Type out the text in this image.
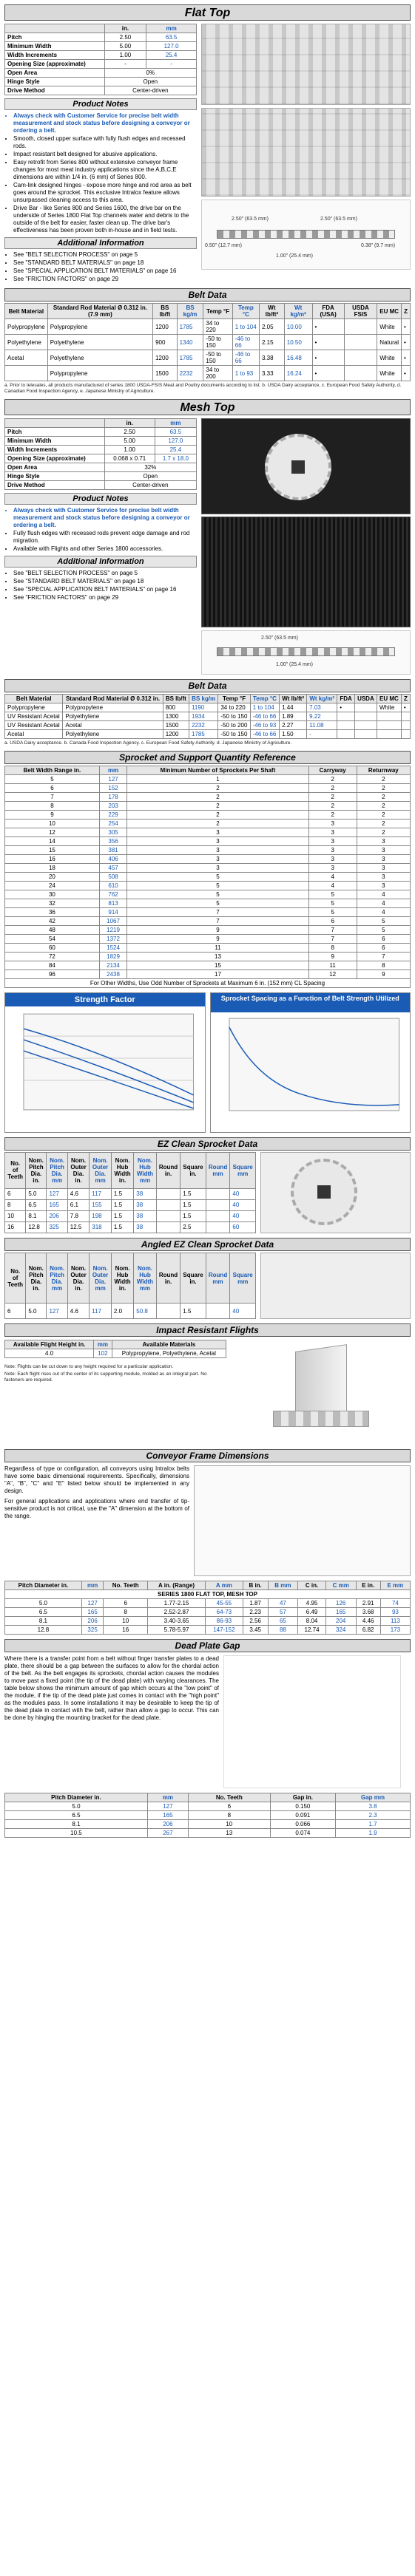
Flat Top
	in.	mm
Pitch	2.50	63.5
Minimum Width	5.00	127.0
Width Increments	1.00	25.4
Opening Size (approximate)	-	-
Open Area	0%	
Hinge Style	Open	
Drive Method	Center-driven	
Product Notes
• Always check with Customer Service for precise belt width measurement and stock status before designing a conveyor or ordering a belt.
• Smooth, closed upper surface with fully flush edges and recessed rods.
• Impact resistant belt designed for abusive applications.
• Easy retrofit from Series 800 without extensive conveyor frame changes for most meat industry applications since the A,B,C,E dimensions are within 1/4 in. (6 mm) of Series 800.
• Cam-link designed hinges - expose more hinge and rod area as belt goes around the sprocket. This exclusive Intralox feature allows unsurpassed cleaning access to this area.
• Drive Bar - like Series 800 and Series 1600, the drive bar on the underside of Series 1800 Flat Top channels water and debris to the outside of the belt for easier, faster clean up. The drive bar's effectiveness has been proven both in-house and in field tests.
Additional Information
• See "BELT SELECTION PROCESS" on page 5
• See "STANDARD BELT MATERIALS" on page 18
• See "SPECIAL APPLICATION BELT MATERIALS" on page 16
• See "FRICTION FACTORS" on page 29
2.50" (63.5 mm)	2.50" (63.5 mm)
0.50" (12.7 mm)	0.38" (9.7 mm)
1.00" (25.4 mm)
Belt Data
Belt Material	Standard Rod Material Ø 0.312 in. (7.9 mm)	BS lb/ft	BS kg/m	Temp °F	Temp °C	Wt lb/ft²	Wt kg/m²	FDA (USA)	USDA FSIS	EU MC	Z
Polypropylene	Polypropylene	1200	1785	34 to 220	1 to 104	2.05	10.00	•		White	•
Polyethylene	Polyethylene	900	1340	-50 to 150	-46 to 66	2.15	10.50	•		Natural	•
Acetal	Polyethylene	1200	1785	-50 to 150	-46 to 66	3.38	16.48	•		White	•
	Polypropylene	1500	2232	34 to 200	1 to 93	3.33	16.24	•		White	•
a. Prior to telesales, all products manufactured of series 1800 USDA-FSIS Meat and Poultry documents according to list. b. USDA Dairy acceptance, c. European Food Safety Authority, d. Canadian Food Inspection Agency, e. Japanese Ministry of Agriculture.
Mesh Top
	in.	mm
Pitch	2.50	63.5
Minimum Width	5.00	127.0
Width Increments	1.00	25.4
Opening Size (approximate)	0.068 x 0.71	1.7 x 18.0
Open Area	32%	
Hinge Style	Open	
Drive Method	Center-driven	
Product Notes
• Always check with Customer Service for precise belt width measurement and stock status before designing a conveyor or ordering a belt.
• Fully flush edges with recessed rods prevent edge damage and rod migration.
• Available with Flights and other Series 1800 accessories.
Additional Information
• See "BELT SELECTION PROCESS" on page 5
• See "STANDARD BELT MATERIALS" on page 18
• See "SPECIAL APPLICATION BELT MATERIALS" on page 16
• See "FRICTION FACTORS" on page 29
2.50" (63.5 mm)
1.00" (25.4 mm)
Belt Data
Belt Material	Standard Rod Material Ø 0.312 in.	BS lb/ft	BS kg/m	Temp °F	Temp °C	Wt lb/ft²	Wt kg/m²	FDA	USDA	EU MC	Z
Polypropylene	Polypropylene	800	1190	34 to 220	1 to 104	1.44	7.03	•		White	•
UV Resistant Acetal	Polyethylene	1300	1934	-50 to 150	-46 to 66	1.89	9.22				
UV Resistant Acetal	Acetal	1500	2232	-50 to 200	-46 to 93	2.27	11.08				
Acetal	Polyethylene	1200	1785	-50 to 150	-46 to 66	1.50	-				
a. USDA Dairy acceptance. b. Canada Food Inspection Agency. c. European Food Safety Authority. d. Japanese Ministry of Agriculture.
Sprocket and Support Quantity Reference
Belt Width Range in.	mm	Minimum Number of Sprockets Per Shaft	Carryway	Returnway
5	127	1	2	2
6	152	2	2	2
7	178	2	2	2
8	203	2	2	2
9	229	2	2	2
10	254	2	3	2
12	305	3	3	2
14	356	3	3	3
15	381	3	3	3
16	406	3	3	3
18	457	3	3	3
20	508	5	4	3
24	610	5	4	3
30	762	5	5	4
32	813	5	5	4
36	914	7	5	4
42	1067	7	6	5
48	1219	9	7	5
54	1372	9	7	6
60	1524	11	8	6
72	1829	13	9	7
84	2134	15	11	8
96	2438	17	12	9
For Other Widths, Use Odd Number of Sprockets at Maximum 6 in. (152 mm) CL Spacing				
Strength Factor	Sprocket Spacing as a Function of Belt Strength Utilized
EZ Clean Sprocket Data
No. of Teeth	Nom. Pitch Dia. in.	Nom. Pitch Dia. mm	Nom. Outer Dia. in.	Nom. Outer Dia. mm	Nom. Hub Width in.	Nom. Hub Width mm	Round in.	Square in.	Round mm	Square mm
6	5.0	127	4.6	117	1.5	38		1.5		40
8	6.5	165	6.1	155	1.5	38		1.5		40
10	8.1	206	7.8	198	1.5	38		1.5		40
16	12.8	325	12.5	318	1.5	38		2.5		60
Angled EZ Clean Sprocket Data
No. of Teeth	Nom. Pitch Dia. in.	Nom. Pitch Dia. mm	Nom. Outer Dia. in.	Nom. Outer Dia. mm	Nom. Hub Width in.	Nom. Hub Width mm	Round in.	Square in.	Round mm	Square mm
6	5.0	127	4.6	117	2.0	50.8		1.5		40
Impact Resistant Flights
Available Flight Height in.	mm	Available Materials
4.0	102	Polypropylene, Polyethylene, Acetal

Note: Flights can be cut down to any height required for a particular application.

Note: Each flight rises out of the center of its supporting module, molded as an integral part. No fasteners are required.

Conveyor Frame Dimensions

Regardless of type or configuration, all conveyors using Intralox belts have some basic dimensional requirements. Specifically, dimensions "A", "B", "C" and "E" listed below should be implemented in any design.

For general applications and applications where end transfer of tip-sensitive product is not critical, use the "A" dimension at the bottom of the range.

Pitch Diameter in.	mm	No. Teeth	A in. (Range)	A mm	B in.	B mm	C in.	C mm	E in.	E mm
SERIES 1800 FLAT TOP, MESH TOP										
5.0	127	6	1.77-2.15	45-55	1.87	47	4.95	126	2.91	74
6.5	165	8	2.52-2.87	64-73	2.23	57	6.49	165	3.68	93
8.1	206	10	3.40-3.65	86-93	2.56	65	8.04	204	4.46	113
12.8	325	16	5.78-5.97	147-152	3.45	88	12.74	324	6.82	173
Dead Plate Gap

Where there is a transfer point from a belt without finger transfer plates to a dead plate, there should be a gap between the surfaces to allow for the chordal action of the belt. As the belt engages its sprockets, chordal action causes the modules to move past a fixed point (the tip of the dead plate) with varying clearances. The table below shows the minimum amount of gap which occurs at the "low point" of the module, if the tip of the dead plate just comes in contact with the "high point" as the modules pass. In some installations it may be desirable to keep the tip of the dead plate in contact with the belt, rather than allow a gap to occur. This can be done by hinging the mounting bracket for the dead plate.

Pitch Diameter in.	mm	No. Teeth	Gap in.	Gap mm
5.0	127	6	0.150	3.8
6.5	165	8	0.091	2.3
8.1	206	10	0.066	1.7
10.5	267	13	0.074	1.9
